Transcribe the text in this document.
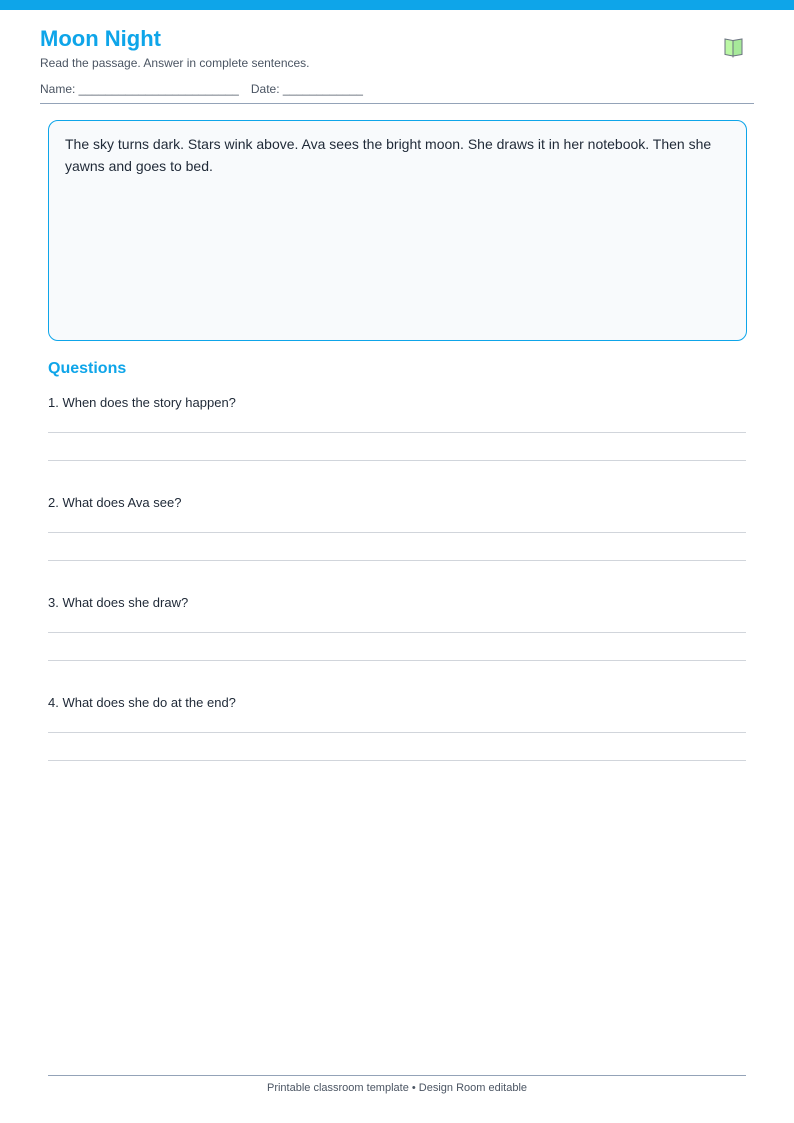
Moon Night
Read the passage. Answer in complete sentences.
Name: ________________________ Date: ____________

The sky turns dark. Stars wink above. Ava sees the bright moon. She draws it in her notebook. Then she yawns and goes to bed.

Questions

1. When does the story happen?

2. What does Ava see?

3. What does she draw?

4. What does she do at the end?

Printable classroom template • Design Room editable
